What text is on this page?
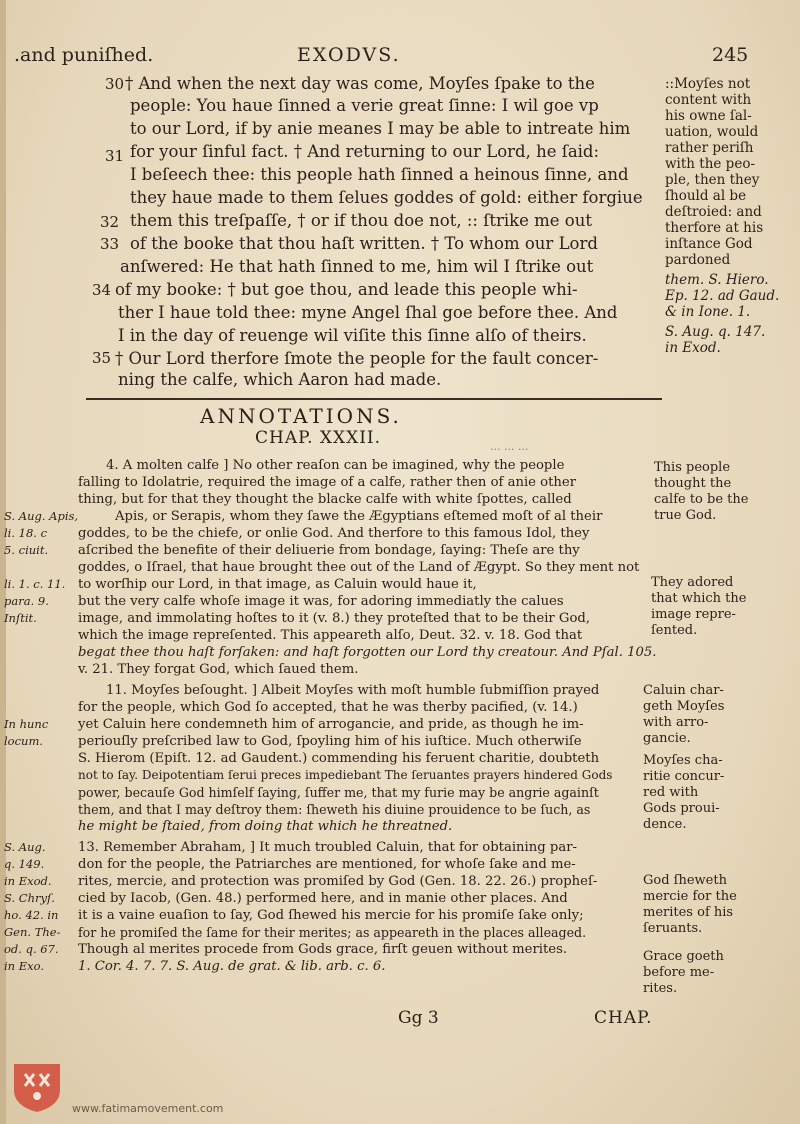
.and puniſhed.	EXODVS.	245
30
31
32
33
34
35
† And when the next day was come, Moyſes ſpake to the
people: You haue ſinned a verie great ſinne: I wil goe vp
to our Lord, if by anie meanes I may be able to intreate him
for your ſinful fact. † And returning to our Lord, he ſaid:
I beſeech thee: this people hath ſinned a heinous ſinne, and
they haue made to them ſelues goddes of gold: either forgiue
them this treſpaſſe, † or if thou doe not, :: ſtrike me out
of the booke that thou haſt written. † To whom our Lord
anſwered: He that hath ſinned to me, him wil I ſtrike out
of my booke: † but goe thou, and leade this people whi-
ther I haue told thee: myne Angel ſhal goe before thee. And
I in the day of reuenge wil viſite this ſinne alſo of theirs.
† Our Lord therfore ſmote the people for the fault concer-
ning the calfe, which Aaron had made.
::Moyſes not
content with
his owne ſal-
uation, would
rather periſh
with the peo-
ple, then they
ſhould al be
deſtroied: and
therfore at his
inſtance God
pardoned
them. S. Hiero.
Ep. 12. ad Gaud.
& in Ione. 1.
S. Aug. q. 147.
in Exod.
ANNOTATIONS.
CHAP. XXXII.	... ... ...
4. A molten calfe ] No other reaſon can be imagined, why the people
falling to Idolatrie, required the image of a calfe, rather then of anie other
thing, but for that they thought the blacke calfe with white ſpottes, called
Apis, or Serapis, whom they ſawe the Ægyptians eſtemed moſt of al their
goddes, to be the chiefe, or onlie God. And therfore to this famous Idol, they
aſcribed the benefite of their deliuerie from bondage, ſaying: Theſe are thy
goddes, o Iſrael, that haue brought thee out of the Land of Ægypt. So they ment not
to worſhip our Lord, in that image, as Caluin would haue it,
but the very calfe whoſe image it was, for adoring immediatly the calues
image, and immolating hoſtes to it (v. 8.) they proteſted that to be their God,
which the image repreſented. This appeareth alſo, Deut. 32. v. 18. God that
begat thee thou haſt forſaken: and haſt forgotten our Lord thy creatour. And Pſal. 105.
v. 21. They forgat God, which ſaued them.
11. Moyſes beſought. ] Albeit Moyſes with moſt humble ſubmiſſion prayed
for the people, which God ſo accepted, that he was therby pacified, (v. 14.)
yet Caluin here condemneth him of arrogancie, and pride, as though he im-
periouſly preſcribed law to God, ſpoyling him of his iuſtice. Much otherwiſe
S. Hierom (Epiſt. 12. ad Gaudent.) commending his feruent charitie, doubteth
not to ſay. Deipotentiam ſerui preces impediebant The ſeruantes prayers hindered Gods
power, becauſe God himſelf ſaying, ſuffer me, that my furie may be angrie againſt
them, and that I may deſtroy them: ſheweth his diuine prouidence to be ſuch, as
he might be ſtaied, from doing that which he threatned.
13. Remember Abraham, ] It much troubled Caluin, that for obtaining par-
don for the people, the Patriarches are mentioned, for whoſe ſake and me-
rites, mercie, and protection was promiſed by God (Gen. 18. 22. 26.) propheſ-
cied by Iacob, (Gen. 48.) performed here, and in manie other places. And
it is a vaine euaſion to ſay, God ſhewed his mercie for his promiſe ſake only;
for he promiſed the ſame for their merites; as appeareth in the places alleaged.
Though al merites procede from Gods grace, firſt geuen without merites.
1. Cor. 4. 7. 7. S. Aug. de grat. & lib. arb. c. 6.
S. Aug. Apis,
li. 18. c
5. ciuit.
li. 1. c. 11.
para. 9.
Inſtit.
In hunc
locum.
S. Aug.
q. 149.
in Exod.
S. Chryſ.
ho. 42. in
Gen. The-
od. q. 67.
in Exo.
This people
thought the
calfe to be the
true God.
They adored
that which the
image repre-
ſented.
Caluin char-
geth Moyſes
with arro-
gancie.
Moyſes cha-
ritie concur-
red with
Gods proui-
dence.
God ſheweth
mercie for the
merites of his
ſeruants.
Grace goeth
before me-
rites.
Gg 3	CHAP.
www.fatimamovement.com
